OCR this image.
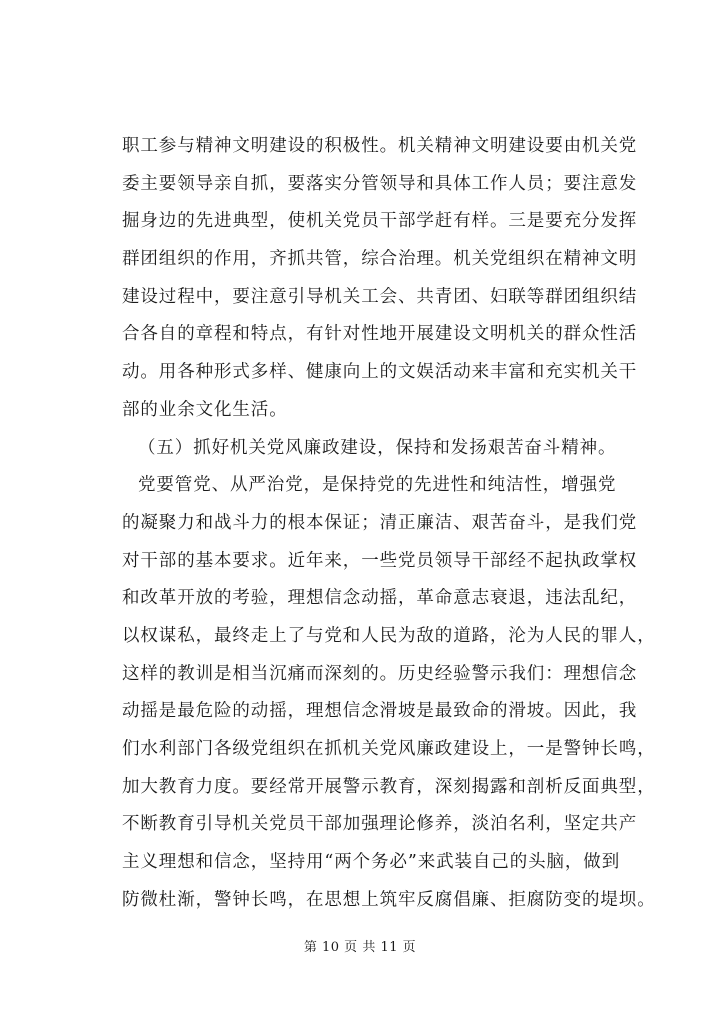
职工参与精神文明建设的积极性。机关精神文明建设要由机关党
委主要领导亲自抓，要落实分管领导和具体工作人员；要注意发
掘身边的先进典型，使机关党员干部学赶有样。三是要充分发挥
群团组织的作用，齐抓共管，综合治理。机关党组织在精神文明
建设过程中，要注意引导机关工会、共青团、妇联等群团组织结
合各自的章程和特点，有针对性地开展建设文明机关的群众性活
动。用各种形式多样、健康向上的文娱活动来丰富和充实机关干
部的业余文化生活。
（五）抓好机关党风廉政建设，保持和发扬艰苦奋斗精神。
党要管党、从严治党，是保持党的先进性和纯洁性，增强党
的凝聚力和战斗力的根本保证；清正廉洁、艰苦奋斗，是我们党
对干部的基本要求。近年来，一些党员领导干部经不起执政掌权
和改革开放的考验，理想信念动摇，革命意志衰退，违法乱纪，
以权谋私，最终走上了与党和人民为敌的道路，沦为人民的罪人，
这样的教训是相当沉痛而深刻的。历史经验警示我们：理想信念
动摇是最危险的动摇，理想信念滑坡是最致命的滑坡。因此，我
们水利部门各级党组织在抓机关党风廉政建设上，一是警钟长鸣，
加大教育力度。要经常开展警示教育，深刻揭露和剖析反面典型，
不断教育引导机关党员干部加强理论修养，淡泊名利，坚定共产
主义理想和信念，坚持用“两个务必”来武装自己的头脑，做到
防微杜渐，警钟长鸣，在思想上筑牢反腐倡廉、拒腐防变的堤坝。
第 10 页 共 11 页
